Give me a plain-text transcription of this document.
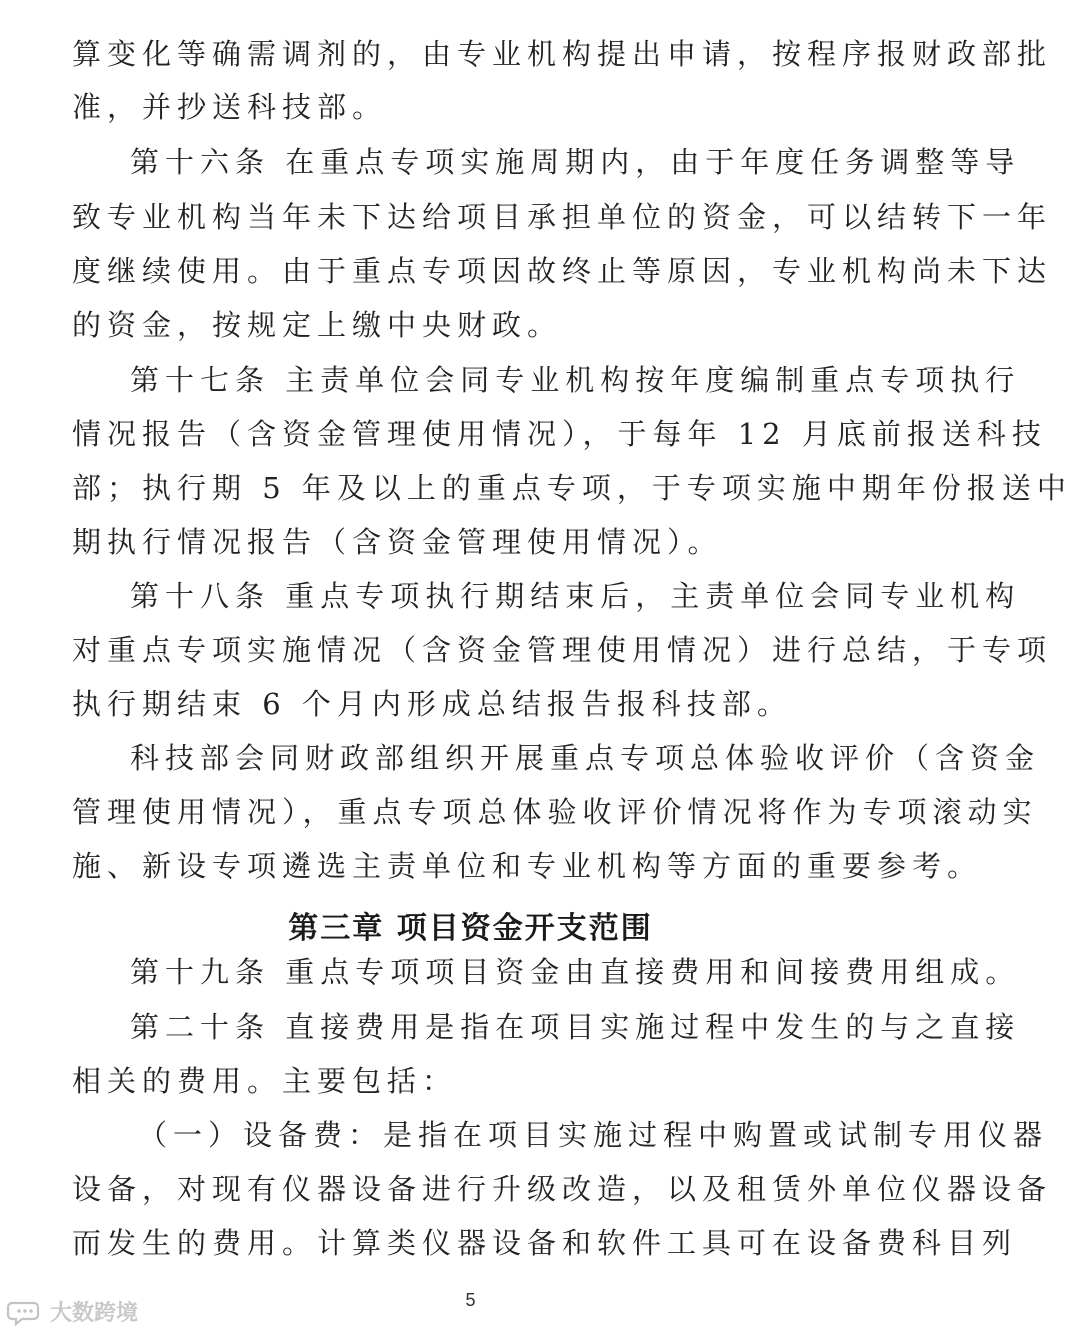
算变化等确需调剂的，由专业机构提出申请，按程序报财政部批
准，并抄送科技部。
第十六条 在重点专项实施周期内，由于年度任务调整等导
致专业机构当年未下达给项目承担单位的资金，可以结转下一年
度继续使用。由于重点专项因故终止等原因，专业机构尚未下达
的资金，按规定上缴中央财政。
第十七条 主责单位会同专业机构按年度编制重点专项执行
情况报告（含资金管理使用情况），于每年 12 月底前报送科技
部；执行期 5 年及以上的重点专项，于专项实施中期年份报送中
期执行情况报告（含资金管理使用情况）。
第十八条 重点专项执行期结束后，主责单位会同专业机构
对重点专项实施情况（含资金管理使用情况）进行总结，于专项
执行期结束 6 个月内形成总结报告报科技部。
科技部会同财政部组织开展重点专项总体验收评价（含资金
管理使用情况），重点专项总体验收评价情况将作为专项滚动实
施、新设专项遴选主责单位和专业机构等方面的重要参考。
第三章 项目资金开支范围
第十九条 重点专项项目资金由直接费用和间接费用组成。
第二十条 直接费用是指在项目实施过程中发生的与之直接
相关的费用。主要包括：
（一）设备费：是指在项目实施过程中购置或试制专用仪器
设备，对现有仪器设备进行升级改造，以及租赁外单位仪器设备
而发生的费用。计算类仪器设备和软件工具可在设备费科目列
5
大数跨境
